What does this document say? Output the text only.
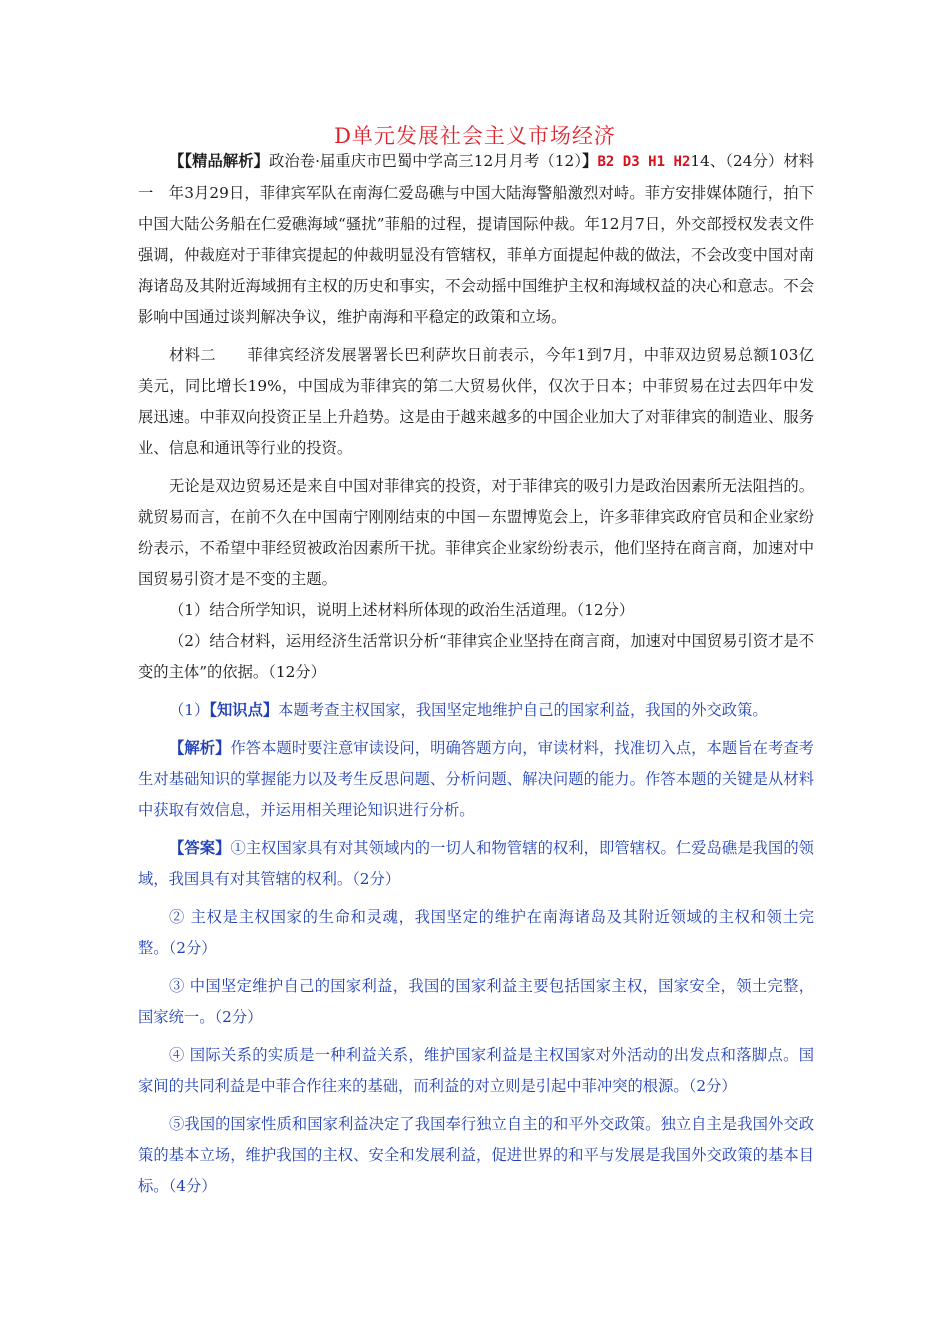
D单元发展社会主义市场经济

【【精品解析】政治卷·届重庆市巴蜀中学高三12月月考（12）】B2 D3 H1 H214、（24分）材料一　年3月29日，菲律宾军队在南海仁爱岛礁与中国大陆海警船激烈对峙。菲方安排媒体随行，拍下中国大陆公务船在仁爱礁海域“骚扰”菲船的过程，提请国际仲裁。年12月7日，外交部授权发表文件强调，仲裁庭对于菲律宾提起的仲裁明显没有管辖权，菲单方面提起仲裁的做法，不会改变中国对南海诸岛及其附近海域拥有主权的历史和事实，不会动摇中国维护主权和海域权益的决心和意志。不会影响中国通过谈判解决争议，维护南海和平稳定的政策和立场。

材料二　　菲律宾经济发展署署长巴利萨坎日前表示，今年1到7月，中菲双边贸易总额103亿美元，同比增长19%，中国成为菲律宾的第二大贸易伙伴，仅次于日本；中菲贸易在过去四年中发展迅速。中菲双向投资正呈上升趋势。这是由于越来越多的中国企业加大了对菲律宾的制造业、服务业、信息和通讯等行业的投资。

无论是双边贸易还是来自中国对菲律宾的投资，对于菲律宾的吸引力是政治因素所无法阻挡的。就贸易而言，在前不久在中国南宁刚刚结束的中国－东盟博览会上，许多菲律宾政府官员和企业家纷纷表示，不希望中菲经贸被政治因素所干扰。菲律宾企业家纷纷表示，他们坚持在商言商，加速对中国贸易引资才是不变的主题。

（1）结合所学知识，说明上述材料所体现的政治生活道理。（12分）

（2）结合材料，运用经济生活常识分析“菲律宾企业坚持在商言商，加速对中国贸易引资才是不变的主体”的依据。（12分）

（1）【知识点】本题考查主权国家，我国坚定地维护自己的国家利益，我国的外交政策。

【解析】作答本题时要注意审读设问，明确答题方向，审读材料，找准切入点，本题旨在考查考生对基础知识的掌握能力以及考生反思问题、分析问题、解决问题的能力。作答本题的关键是从材料中获取有效信息，并运用相关理论知识进行分析。

【答案】①主权国家具有对其领域内的一切人和物管辖的权利，即管辖权。仁爱岛礁是我国的领域，我国具有对其管辖的权利。（2分）

② 主权是主权国家的生命和灵魂，我国坚定的维护在南海诸岛及其附近领域的主权和领土完整。（2分）

③ 中国坚定维护自己的国家利益，我国的国家利益主要包括国家主权，国家安全，领土完整，国家统一。（2分）

④ 国际关系的实质是一种利益关系，维护国家利益是主权国家对外活动的出发点和落脚点。国家间的共同利益是中菲合作往来的基础，而利益的对立则是引起中菲冲突的根源。（2分）

⑤我国的国家性质和国家利益决定了我国奉行独立自主的和平外交政策。独立自主是我国外交政策的基本立场，维护我国的主权、安全和发展利益，促进世界的和平与发展是我国外交政策的基本目标。（4分）
